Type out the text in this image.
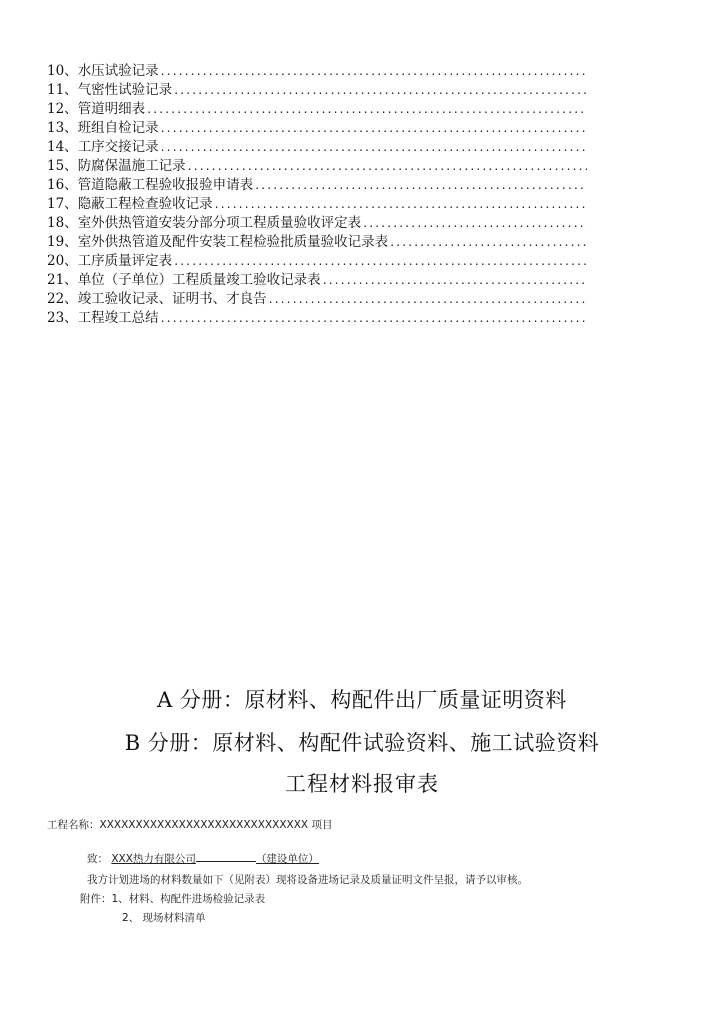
10、 水压试验记录
.....
11、 气密性试验记录
.....
12、 管道明细表
.....
13、 班组自检记录
.....
14、 工序交接记录
.....
15、 防腐保温施工记录
.....
16、 管道隐蔽工程验收报验申请表
.....
17、 隐蔽工程检查验收记录
.....
18、 室外供热管道安装分部分项工程质量验收评定表
.....
19、 室外供热管道及配件安装工程检验批质量验收记录表
.....
20、 工序质量评定表
.....
21、 单位（子单位）工程质量竣工验收记录表
.....
22、 竣工验收记录、证明书、才良告
.....
23、 工程竣工总结
.....
A 分册：原材料、构配件出厂质量证明资料
B 分册：原材料、构配件试验资料、施工试验资料
工程材料报审表
工程名称：XXXXXXXXXXXXXXXXXXXXXXXXXXXXX 项目
致： XXX热力有限公司	（建设单位）
我方计划进场的材料数量如下（见附表）现将设备进场记录及质量证明文件呈报，请予以审核。
附件：1、材料、构配件进场检验记录表
2、 现场材料清单
